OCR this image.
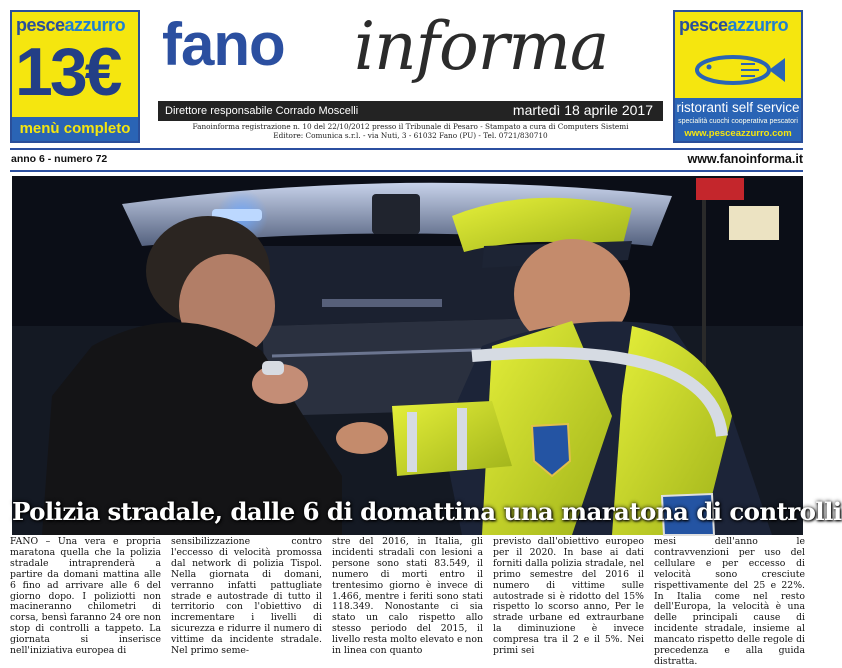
pesceazzurro
13€
menù completo
fano informa
Direttore responsabile Corrado Moscelli	martedì 18 aprile 2017
Fanoinforma registrazione n. 10 del 22/10/2012 presso il Tribunale di Pesaro - Stampato a cura di Computers Sistemi
Editore: Comunica s.r.l. - via Nuti, 3 - 61032 Fano (PU) - Tel. 0721/830710
pesceazzurro
ristoranti self service
specialità cuochi cooperativa pescatori
www.pesceazzurro.com
anno 6 - numero 72	www.fanoinforma.it
Polizia stradale, dalle 6 di domattina una maratona di controlli
FANO – Una vera e propria maratona quella che la polizia stradale intraprenderà a partire da domani mattina alle 6 fino ad arrivare alle 6 del giorno dopo. I poliziotti non macineranno chilometri di corsa, bensì faranno 24 ore non stop di controlli a tappeto. La giornata si inserisce nell'iniziativa europea di
sensibilizzazione contro l'eccesso di velocità promossa dal network di polizia Tispol. Nella giornata di domani, verranno infatti pattugliate strade e autostrade di tutto il territorio con l'obiettivo di incrementare i livelli di sicurezza e ridurre il numero di vittime da incidente stradale. Nel primo seme-
stre del 2016, in Italia, gli incidenti stradali con lesioni a persone sono stati 83.549, il numero di morti entro il trentesimo giorno è invece di 1.466, mentre i feriti sono stati 118.349. Nonostante ci sia stato un calo rispetto allo stesso periodo del 2015, il livello resta molto elevato e non in linea con quanto
previsto dall'obiettivo europeo per il 2020. In base ai dati forniti dalla polizia stradale, nel primo semestre del 2016 il numero di vittime sulle autostrade si è ridotto del 15% rispetto lo scorso anno, Per le strade urbane ed extraurbane la diminuzione è invece compresa tra il 2 e il 5%. Nei primi sei
mesi dell'anno le contravvenzioni per uso del cellulare e per eccesso di velocità sono cresciute rispettivamente del 25 e 22%. In Italia come nel resto dell'Europa, la velocità è una delle principali cause di incidente stradale, insieme al mancato rispetto delle regole di precedenza e alla guida distratta.
